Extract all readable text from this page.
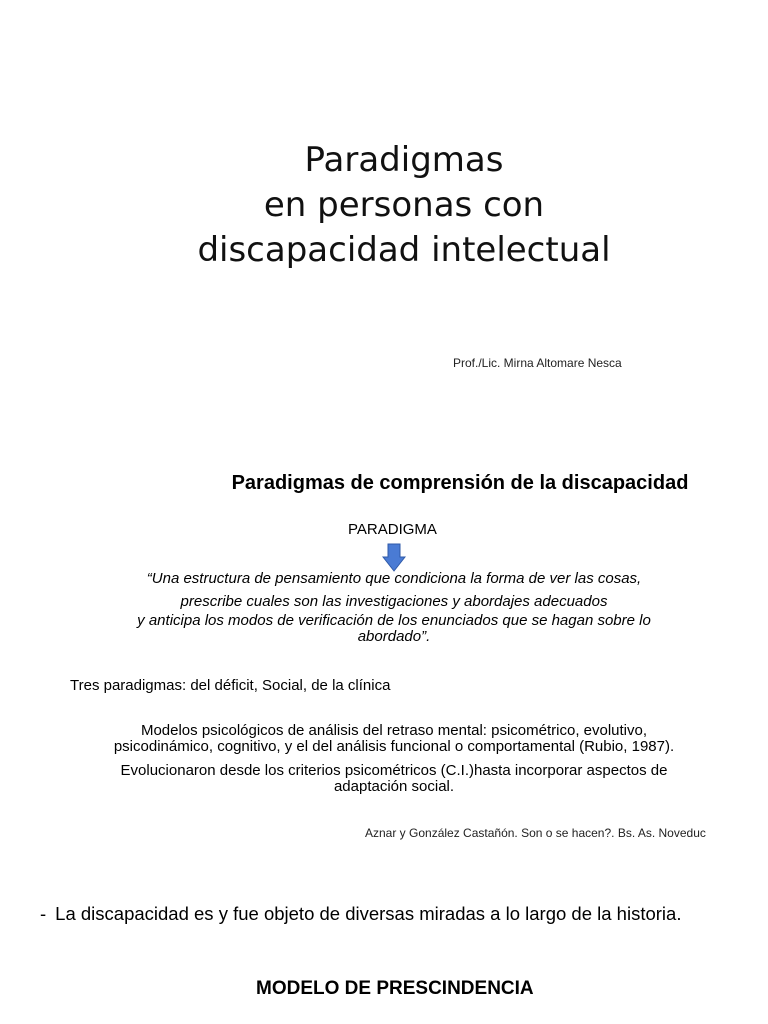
Paradigmas
en personas con
discapacidad intelectual
Prof./Lic. Mirna Altomare Nesca
Paradigmas de comprensión de la discapacidad
PARADIGMA
“Una estructura de pensamiento que condiciona la forma de ver las cosas,
prescribe cuales son las investigaciones y abordajes adecuados
y anticipa los modos de verificación de los enunciados que se hagan sobre lo
abordado”.
Tres paradigmas: del déficit, Social, de la clínica
Modelos psicológicos de análisis del retraso mental: psicométrico, evolutivo,
psicodinámico, cognitivo, y el del análisis funcional o comportamental (Rubio, 1987).
Evolucionaron desde los criterios psicométricos (C.I.)hasta incorporar aspectos de
adaptación social.
Aznar y González Castañón. Son o se hacen?. Bs. As. Noveduc
- La discapacidad es y fue objeto de diversas miradas a lo largo de la historia.
MODELO DE PRESCINDENCIA
